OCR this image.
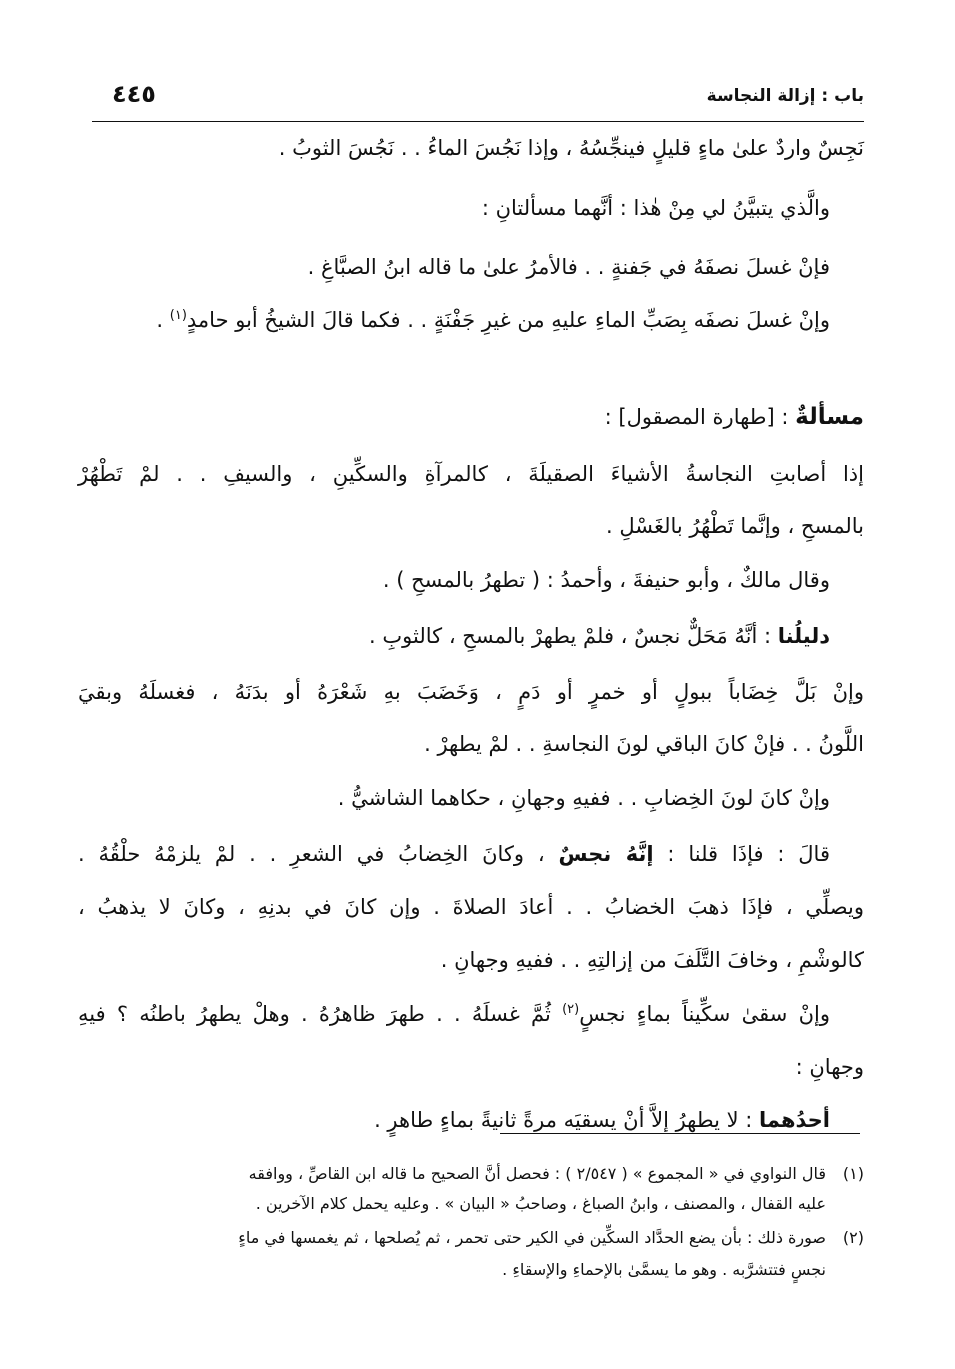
باب : إزالة النجاسة
٤٤٥
نَجِسٌ واردٌ علىٰ ماءٍ قليلٍ فينجِّسُهُ ، وإذا نَجُسَ الماءُ . . نَجُسَ الثوبُ .
والَّذي يتبيَّنُ لي مِنْ هٰذا : أنَّهما مسألتانِ :
فإنْ غسلَ نصفَهُ في جَفنةٍ . . فالأمرُ علىٰ ما قاله ابنُ الصبَّاغِ .
وإنْ غسلَ نصفَه بِصَبِّ الماءِ عليهِ من غيرِ جَفْنَةٍ . . فكما قالَ الشيخُ أبو حامدٍ$^{(١)}$ .
مسألةٌ : [طهارة المصقول] :
إذا أصابتِ النجاسةُ الأشياءَ الصقيلَةَ ، كالمرآةِ والسكِّينِ ، والسيفِ . . لمْ تَطْهُرْ
بالمسحِ ، وإنَّما تَطْهُرُ بالغَسْلِ .
وقال مالكٌ ، وأبو حنيفةَ ، وأحمدُ : ( تطهرُ بالمسحِ ) .
دليلُنا : أنَّهُ مَحَلٌّ نجسٌ ، فلمْ يطهرْ بالمسحِ ، كالثوبِ .
وإنْ بَلَّ خِضَاباً ببولٍ أو خمرٍ أو دَمٍ ، وَخَضَبَ بهِ شَعْرَهُ أو بدَنَهُ ، فغسلَهُ وبقيَ
اللَّونُ . . فإنْ كانَ الباقي لونَ النجاسةِ . . لمْ يطهرْ .
وإنْ كانَ لونَ الخِضابِ . . ففيهِ وجهانِ ، حكاهما الشاشيُّ .
قالَ : فإذَا قلنا : إنَّهُ نجسٌ ، وكانَ الخِضابُ في الشعرِ . . لمْ يلزمْهُ حلْقُهُ .
ويصلِّي ، فإذَا ذهبَ الخضابُ . . أعادَ الصلاةَ . وإن كانَ في بدنِهِ ، وكانَ لا يذهبُ ،
كالوشْمِ ، وخافَ التَّلَفَ من إزالتِهِ . . ففيهِ وجهانِ .
وإنْ سقىٰ سكِّيناً بماءٍ نجسٍ$^{(٢)}$ ثُمَّ غسلَهُ . . طهرَ ظاهرُهُ . وهلْ يطهرُ باطنُه ؟ فيهِ
وجهانِ :
أحدُهما : لا يطهرُ إلاَّ أنْ يسقيَه مرةً ثانيةً بماءٍ طاهرٍ .
(١)قال النواوي في « المجموع » ( ٢/٥٤٧ ) : فحصل أنَّ الصحيح ما قاله ابن القاصِّ ، ووافقه
عليه القفال ، والمصنف ، وابنُ الصباغ ، وصاحبُ « البيان » . وعليه يحمل كلام الآخرين .
(٢)صورة ذلك : بأن يضع الحدَّاد السكِّين في الكير حتى تحمر ، ثم يُصلحها ، ثم يغمسها في ماءٍ
نجسٍ فتتشرَّبه . وهو ما يسمَّىٰ بالإحماءِ والإسقاءِ .
